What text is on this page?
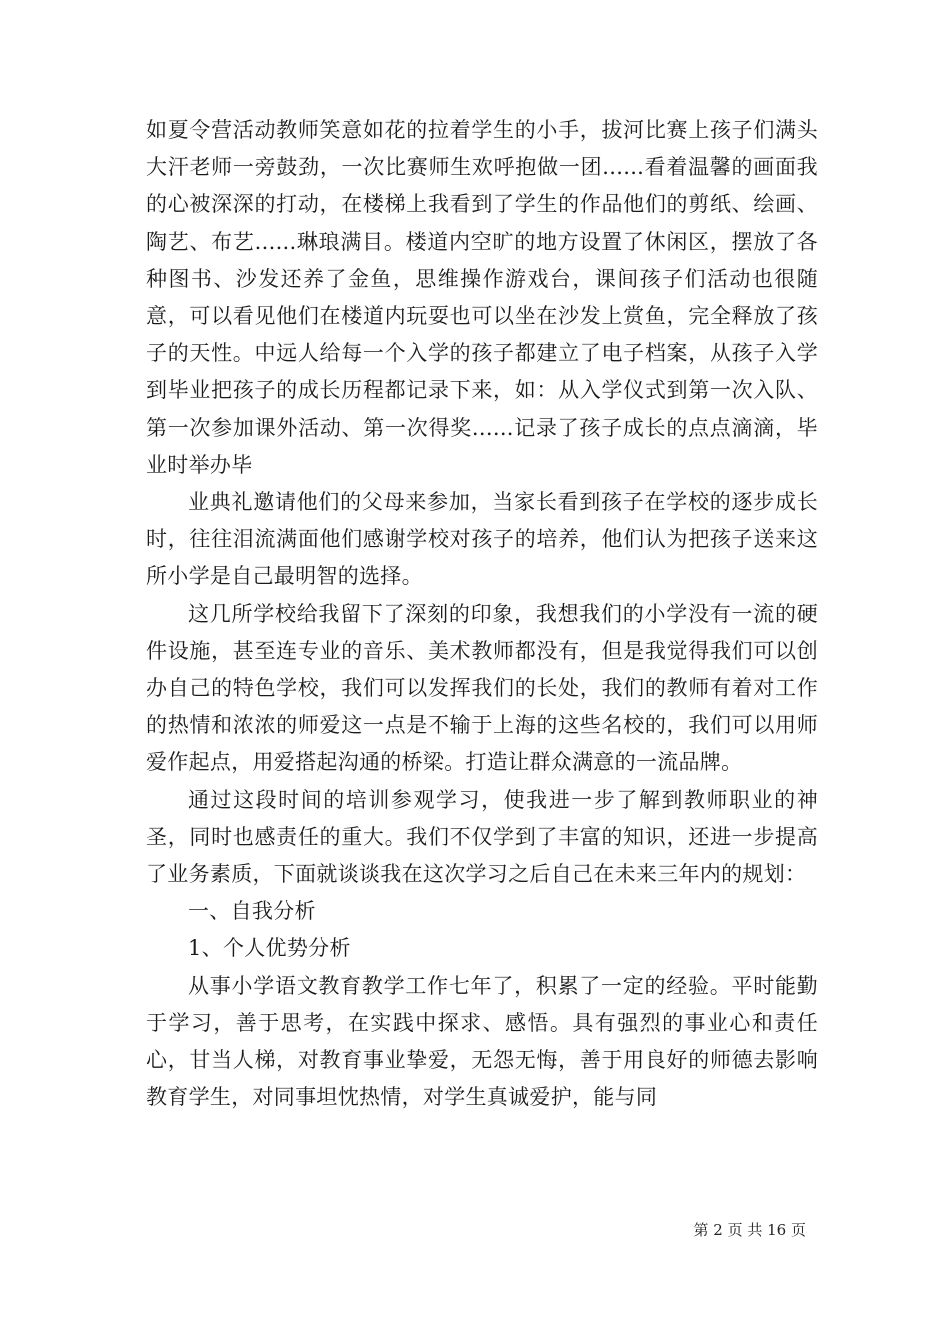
如夏令营活动教师笑意如花的拉着学生的小手，拔河比赛上孩子们满头大汗老师一旁鼓劲，一次比赛师生欢呼抱做一团......看着温馨的画面我的心被深深的打动，在楼梯上我看到了学生的作品他们的剪纸、绘画、陶艺、布艺......琳琅满目。楼道内空旷的地方设置了休闲区，摆放了各种图书、沙发还养了金鱼，思维操作游戏台，课间孩子们活动也很随意，可以看见他们在楼道内玩耍也可以坐在沙发上赏鱼，完全释放了孩子的天性。中远人给每一个入学的孩子都建立了电子档案，从孩子入学到毕业把孩子的成长历程都记录下来，如：从入学仪式到第一次入队、第一次参加课外活动、第一次得奖......记录了孩子成长的点点滴滴，毕业时举办毕

业典礼邀请他们的父母来参加，当家长看到孩子在学校的逐步成长时，往往泪流满面他们感谢学校对孩子的培养，他们认为把孩子送来这所小学是自己最明智的选择。

这几所学校给我留下了深刻的印象，我想我们的小学没有一流的硬件设施，甚至连专业的音乐、美术教师都没有，但是我觉得我们可以创办自己的特色学校，我们可以发挥我们的长处，我们的教师有着对工作的热情和浓浓的师爱这一点是不输于上海的这些名校的，我们可以用师爱作起点，用爱搭起沟通的桥梁。打造让群众满意的一流品牌。

通过这段时间的培训参观学习，使我进一步了解到教师职业的神圣，同时也感责任的重大。我们不仅学到了丰富的知识，还进一步提高了业务素质，下面就谈谈我在这次学习之后自己在未来三年内的规划：

一、自我分析

1、个人优势分析

从事小学语文教育教学工作七年了，积累了一定的经验。平时能勤于学习，善于思考，在实践中探求、感悟。具有强烈的事业心和责任心，甘当人梯，对教育事业挚爱，无怨无悔，善于用良好的师德去影响教育学生，对同事坦忱热情，对学生真诚爱护，能与同

第 2 页 共 16 页
